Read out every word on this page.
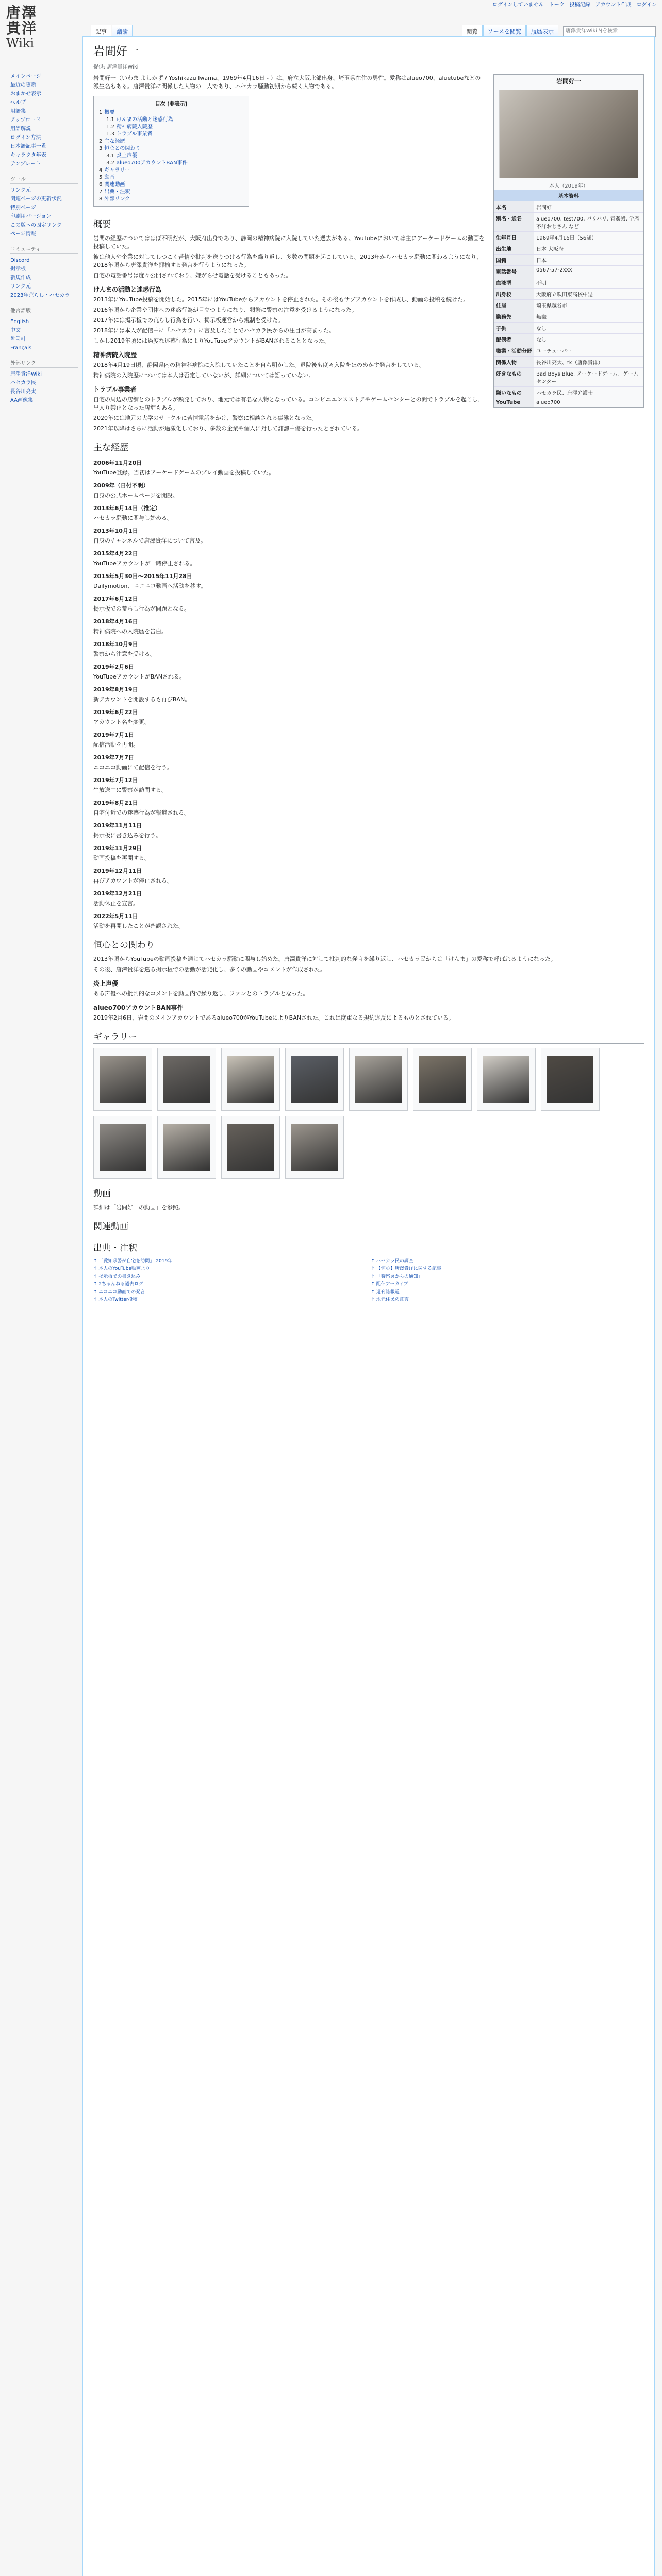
ログインしていません トーク 投稿記録 アカウント作成 ログイン
唐澤
貴洋
Wiki
記事	議論	閲覧	ソースを閲覧	履歴表示	唐澤貴洋Wiki内を検索
メインページ
最近の更新
おまかせ表示
ヘルプ
用語集
アップロード
用語解説
ログイン方法
日本語記事一覧
キャラクタ年表
テンプレート
ツール
リンク元
関連ページの更新状況
特別ページ
印刷用バージョン
この版への固定リンク
ページ情報
コミュニティ
Discord
掲示板
新規作成
リンク元
2023年荒らし・ハセカラ
他言語版
English
中文
한국어
Français
外部リンク
唐澤貴洋Wiki
ハセカラ民
長谷川亮太
AA画像集
岩間好一
提供: 唐澤貴洋Wiki
岩間好一
本人（2019年）
基本資料
本名	岩間好一
別名・通名	alueo700, test700, バリバリ, 青姦殿, 学歴不詳おじさん など
生年月日	1969年4月16日（56歳）
出生地	日本 大阪府
国籍	日本
電話番号	0567-57-2xxx
血液型	不明
出身校	大阪府立吹田東高校中退
住居	埼玉県越谷市
勤務先	無職
子供	なし
配偶者	なし
職業・活動分野	ユーチューバー
関係人物	長谷川亮太、tk（唐澤貴洋）
好きなもの	Bad Boys Blue, アーケードゲーム、ゲームセンター
嫌いなもの	ハセカラ民、唐澤弁護士
YouTube	alueo700

岩間好一（いわま よしかず / Yoshikazu Iwama、1969年4月16日 - ）は、府立大阪北部出身、埼玉県在住の男性。愛称はalueo700、aluetubeなどの派生名もある。唐澤貴洋に関係した人物の一人であり、ハセカラ騒動初期から続く人物である。

目次 [非表示]
1 概要
1.1 けんまの活動と迷惑行為
1.2 精神病院入院歴
1.3 トラブル事業者
2 主な経歴
3 恒心との関わり
3.1 炎上声優
3.2 alueo700アカウントBAN事件
4 ギャラリー
5 動画
6 関連動画
7 出典・注釈
8 外部リンク
概要

岩間の経歴についてはほぼ不明だが、大阪府出身であり、静岡の精神病院に入院していた過去がある。YouTubeにおいては主にアーケードゲームの動画を投稿していた。

彼は他人や企業に対してしつこく苦情や批判を送りつける行為を繰り返し、多数の問題を起こしている。2013年からハセカラ騒動に関わるようになり、2018年頃から唐澤貴洋を揶揄する発言を行うようになった。

自宅の電話番号は度々公開されており、嫌がらせ電話を受けることもあった。

けんまの活動と迷惑行為

2013年にYouTube投稿を開始した。2015年にはYouTubeからアカウントを停止された。その後もサブアカウントを作成し、動画の投稿を続けた。

2016年頃から企業や団体への迷惑行為が目立つようになり、頻繁に警察の注意を受けるようになった。

2017年には掲示板での荒らし行為を行い、掲示板運営から規制を受けた。

2018年には本人が配信中に「ハセカラ」に言及したことでハセカラ民からの注目が高まった。

しかし2019年頃には過度な迷惑行為によりYouTubeアカウントがBANされることとなった。

精神病院入院歴

2018年4月19日頃、静岡県内の精神科病院に入院していたことを自ら明かした。退院後も度々入院をほのめかす発言をしている。

精神病院の入院歴については本人は否定していないが、詳細については語っていない。

トラブル事業者

自宅の周辺の店舗とのトラブルが頻発しており、地元では有名な人物となっている。コンビニエンスストアやゲームセンターとの間でトラブルを起こし、出入り禁止となった店舗もある。

2020年には地元の大学のサークルに苦情電話をかけ、警察に相談される事態となった。

2021年以降はさらに活動が過激化しており、多数の企業や個人に対して誹謗中傷を行ったとされている。

主な経歴
2006年11月20日

YouTube登録。当初はアーケードゲームのプレイ動画を投稿していた。

2009年（日付不明）

自身の公式ホームページを開設。

2013年6月14日（推定）

ハセカラ騒動に関与し始める。

2013年10月1日

自身のチャンネルで唐澤貴洋について言及。

2015年4月22日

YouTubeアカウントが一時停止される。

2015年5月30日～2015年11月28日

Dailymotion、ニコニコ動画へ活動を移す。

2017年6月12日

掲示板での荒らし行為が問題となる。

2018年4月16日

精神病院への入院歴を告白。

2018年10月9日

警察から注意を受ける。

2019年2月6日

YouTubeアカウントがBANされる。

2019年8月19日

新アカウントを開設するも再びBAN。

2019年6月22日

アカウント名を変更。

2019年7月1日

配信活動を再開。

2019年7月7日

ニコニコ動画にて配信を行う。

2019年7月12日

生放送中に警察が訪問する。

2019年8月21日

自宅付近での迷惑行為が報道される。

2019年11月11日

掲示板に書き込みを行う。

2019年11月29日

動画投稿を再開する。

2019年12月11日

再びアカウントが停止される。

2019年12月21日

活動休止を宣言。

2022年5月11日

活動を再開したことが確認された。

恒心との関わり

2013年頃からYouTubeの動画投稿を通じてハセカラ騒動に関与し始めた。唐澤貴洋に対して批判的な発言を繰り返し、ハセカラ民からは「けんま」の愛称で呼ばれるようになった。

その後、唐澤貴洋を巡る掲示板での活動が活発化し、多くの動画やコメントが作成された。

炎上声優

ある声優への批判的なコメントを動画内で繰り返し、ファンとのトラブルとなった。

alueo700アカウントBAN事件

2019年2月6日、岩間のメインアカウントであるalueo700がYouTubeによりBANされた。これは度重なる規約違反によるものとされている。

ギャラリー
動画

詳細は「岩間好一の動画」を参照。

関連動画

出典・注釈
↑ 「愛知県警が自宅を訪問」 2019年
↑ 本人のYouTube動画より
↑ 掲示板での書き込み
↑ 2ちゃんねる過去ログ
↑ ニコニコ動画での発言
↑ 本人のTwitter投稿
↑ ハセカラ民の調査
↑ 【恒心】唐澤貴洋に関する記事
↑ 「警察署からの通知」
↑ 配信アーカイブ
↑ 週刊誌報道
↑ 地元住民の証言
